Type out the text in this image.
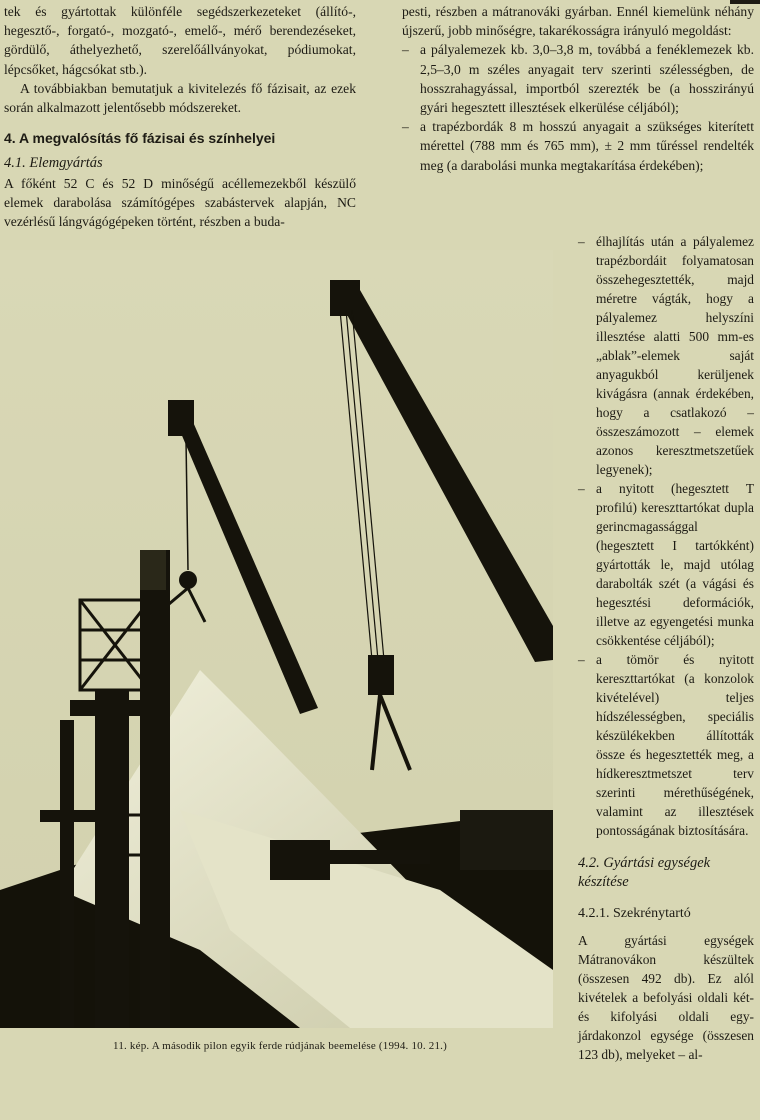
tek és gyártottak különféle segédszerkezeteket (állító-, hegesztő-, forgató-, mozgató-, emelő-, mérő berendezéseket, gördülő, áthelyezhető, szerelőállványokat, pódiumokat, lépcsőket, hágcsókat stb.).
A továbbiakban bemutatjuk a kivitelezés fő fázisait, az ezek során alkalmazott jelentősebb módszereket.
4. A megvalósítás fő fázisai és színhelyei
4.1. Elemgyártás
A főként 52 C és 52 D minőségű acéllemezekből készülő elemek darabolása számítógépes szabástervek alapján, NC vezérlésű lángvágógépeken történt, részben a buda-
pesti, részben a mátranováki gyárban. Ennél kiemelünk néhány újszerű, jobb minőségre, takarékosságra irányuló megoldást:
– a pályalemezek kb. 3,0–3,8 m, továbbá a fenéklemezek kb. 2,5–3,0 m széles anyagait terv szerinti szélességben, de hosszrahagyással, importból szerezték be (a hosszirányú gyári hegesztett illesztések elkerülése céljából);
– a trapézbordák 8 m hosszú anyagait a szükséges kiterített mérettel (788 mm és 765 mm), ± 2 mm tűréssel rendelték meg (a darabolási munka megtakarítása érdekében);
– élhajlítás után a pályalemez trapézbordáit folyamatosan összehegesztették, majd méretre vágták, hogy a pályalemez helyszíni illesztése alatti 500 mm-es „ablak”-elemek saját anyagukból kerüljenek kivágásra (annak érdekében, hogy a csatlakozó – összeszámozott – elemek azonos keresztmetszetűek legyenek);
– a nyitott (hegesztett T profilú) kereszttartókat dupla gerincmagassággal (hegesztett I tartókként) gyártották le, majd utólag darabolták szét (a vágási és hegesztési deformációk, illetve az egyengetési munka csökkentése céljából);
– a tömör és nyitott kereszttartókat (a konzolok kivételével) teljes hídszélességben, speciális készülékekben állították össze és hegesztették meg, a hídkeresztmetszet terv szerinti mérethűségének, valamint az illesztések pontosságának biztosítására.
4.2. Gyártási egységek készítése
4.2.1. Szekrénytartó
A gyártási egységek Mátranovákon készültek (összesen 492 db). Ez alól kivételek a befolyási oldali két- és kifolyási oldali egy- járdakonzol egysége (összesen 123 db), melyeket – al-
11. kép. A második pilon egyik ferde rúdjának beemelése (1994. 10. 21.)
